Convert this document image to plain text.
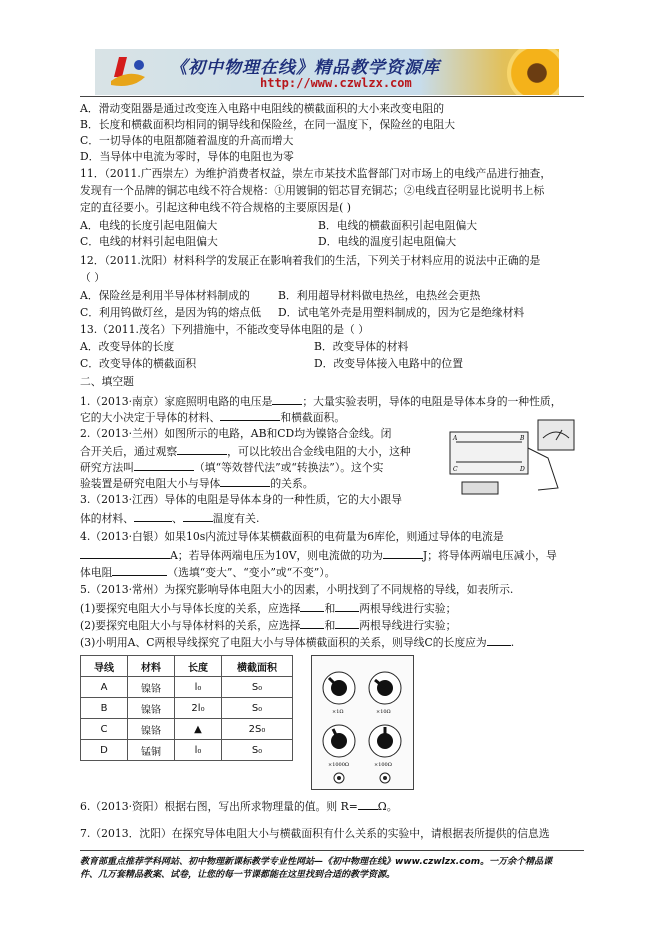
《初中物理在线》精品教学资源库
http://www.czwlzx.com
A．滑动变阻器是通过改变连入电路中电阻线的横截面积的大小来改变电阻的
B．长度和横截面积均相同的铜导线和保险丝，在同一温度下，保险丝的电阻大
C．一切导体的电阻都随着温度的升高而增大
D．当导体中电流为零时，导体的电阻也为零
11．（2011.广西崇左）为维护消费者权益，崇左市某技术监督部门对市场上的电线产品进行抽查，
发现有一个品牌的铜芯电线不符合规格：①用镀铜的铝芯冒充铜芯；②电线直径明显比说明书上标
定的直径要小。引起这种电线不符合规格的主要原因是( )
A．电线的长度引起电阻偏大	B．电线的横截面积引起电阻偏大
C．电线的材料引起电阻偏大	D．电线的温度引起电阻偏大
12．（2011.沈阳）材料科学的发展正在影响着我们的生活，下列关于材料应用的说法中正确的是
（ ）
A．保险丝是利用半导体材料制成的	B．利用超导材料做电热丝，电热丝会更热
C．利用钨做灯丝，是因为钨的熔点低 D．试电笔外壳是用塑料制成的，因为它是绝缘材料
13.（2011.茂名）下列措施中，不能改变导体电阻的是（ ）
A．改变导体的长度	B．改变导体的材料
C．改变导体的横截面积	D．改变导体接入电路中的位置
二、填空题
1.（2013·南京）家庭照明电路的电压是	；大量实验表明，导体的电阻是导体本身的一种性质，
它的大小决定于导体的材料、	和横截面积。
2.（2013·兰州）如图所示的电路，AB和CD均为镍铬合金线。闭
合开关后，通过观察	，可以比较出合金线电阻的大小，这种
研究方法叫	（填“等效替代法”或“转换法”）。这个实
验装置是研究电阻大小与导体	的关系。
A	B
C	D
3.（2013·江西）导体的电阻是导体本身的一种性质，它的大小跟导
体的材料、	、	温度有关.
4.（2013·白银）如果10s内流过导体某横截面积的电荷量为6库伦，则通过导体的电流是
A；若导体两端电压为10V，则电流做的功为	J；将导体两端电压减小，导
体电阻	（选填“变大”、“变小”或“不变”）。
5.（2013·常州）为探究影响导体电阻大小的因素，小明找到了不同规格的导线，如表所示.
(1)要探究电阻大小与导体长度的关系，应选择 和 两根导线进行实验；
(2)要探究电阻大小与导体材料的关系，应选择 和 两根导线进行实验；
(3)小明用A、C两根导线探究了电阻大小与导体横截面积的关系，则导线C的长度应为 .
导线	材料	长度	横截面积
A	镍铬	l₀	S₀
B	镍铬	2l₀	S₀
C	镍铬	▲	2S₀
D	锰铜	l₀	S₀
×1Ω	×10Ω
×1000Ω	×100Ω
6.（2013·资阳）根据右图，写出所求物理量的值。则 R= Ω。
7.（2013．沈阳）在探究导体电阻大小与横截面积有什么关系的实验中，请根据表所提供的信息选
教育部重点推荐学科网站、初中物理新课标教学专业性网站—《初中物理在线》www.czwlzx.com。一万余个精品课
件、几万套精品教案、试卷，让您的每一节课都能在这里找到合适的教学资源。
